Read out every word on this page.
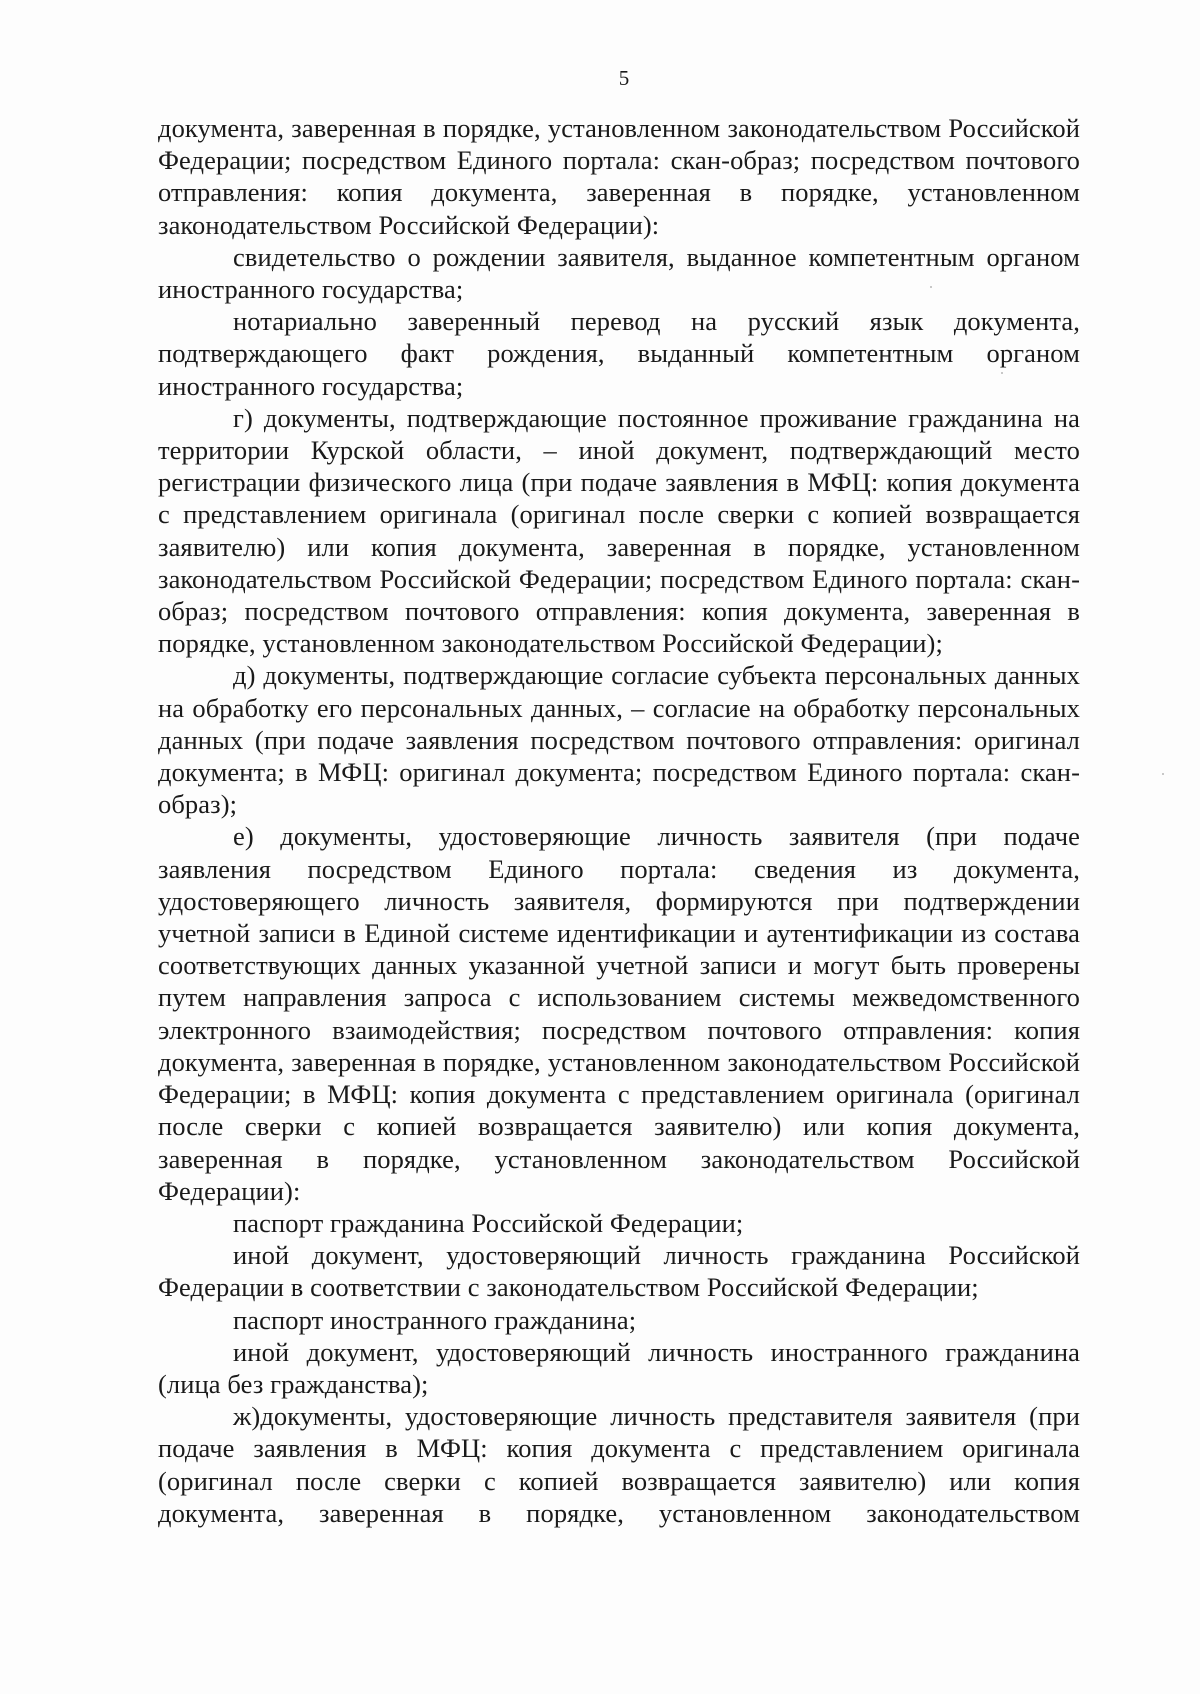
5

документа, заверенная в порядке, установленном законодательством Российской Федерации; посредством Единого портала: скан-образ; посредством почтового отправления: копия документа, заверенная в порядке, установленном законодательством Российской Федерации):

свидетельство о рождении заявителя, выданное компетентным органом иностранного государства;

нотариально заверенный перевод на русский язык документа, подтверждающего факт рождения, выданный компетентным органом иностранного государства;

г) документы, подтверждающие постоянное проживание гражданина на территории Курской области, – иной документ, подтверждающий место регистрации физического лица (при подаче заявления в МФЦ: копия документа с представлением оригинала (оригинал после сверки с копией возвращается заявителю) или копия документа, заверенная в порядке, установленном законодательством Российской Федерации; посредством Единого портала: скан-образ; посредством почтового отправления: копия документа, заверенная в порядке, установленном законодательством Российской Федерации);

д) документы, подтверждающие согласие субъекта персональных данных на обработку его персональных данных, – согласие на обработку персональных данных (при подаче заявления посредством почтового отправления: оригинал документа; в МФЦ: оригинал документа; посредством Единого портала: скан-образ);

е) документы, удостоверяющие личность заявителя (при подаче заявления посредством Единого портала: сведения из документа, удостоверяющего личность заявителя, формируются при подтверждении учетной записи в Единой системе идентификации и аутентификации из состава соответствующих данных указанной учетной записи и могут быть проверены путем направления запроса с использованием системы межведомственного электронного взаимодействия; посредством почтового отправления: копия документа, заверенная в порядке, установленном законодательством Российской Федерации; в МФЦ: копия документа с представлением оригинала (оригинал после сверки с копией возвращается заявителю) или копия документа, заверенная в порядке, установленном законодательством Российской Федерации):

паспорт гражданина Российской Федерации;

иной документ, удостоверяющий личность гражданина Российской Федерации в соответствии с законодательством Российской Федерации;

паспорт иностранного гражданина;

иной документ, удостоверяющий личность иностранного гражданина (лица без гражданства);

ж)документы, удостоверяющие личность представителя заявителя (при подаче заявления в МФЦ: копия документа с представлением оригинала (оригинал после сверки с копией возвращается заявителю) или копия документа, заверенная в порядке, установленном законодательством
